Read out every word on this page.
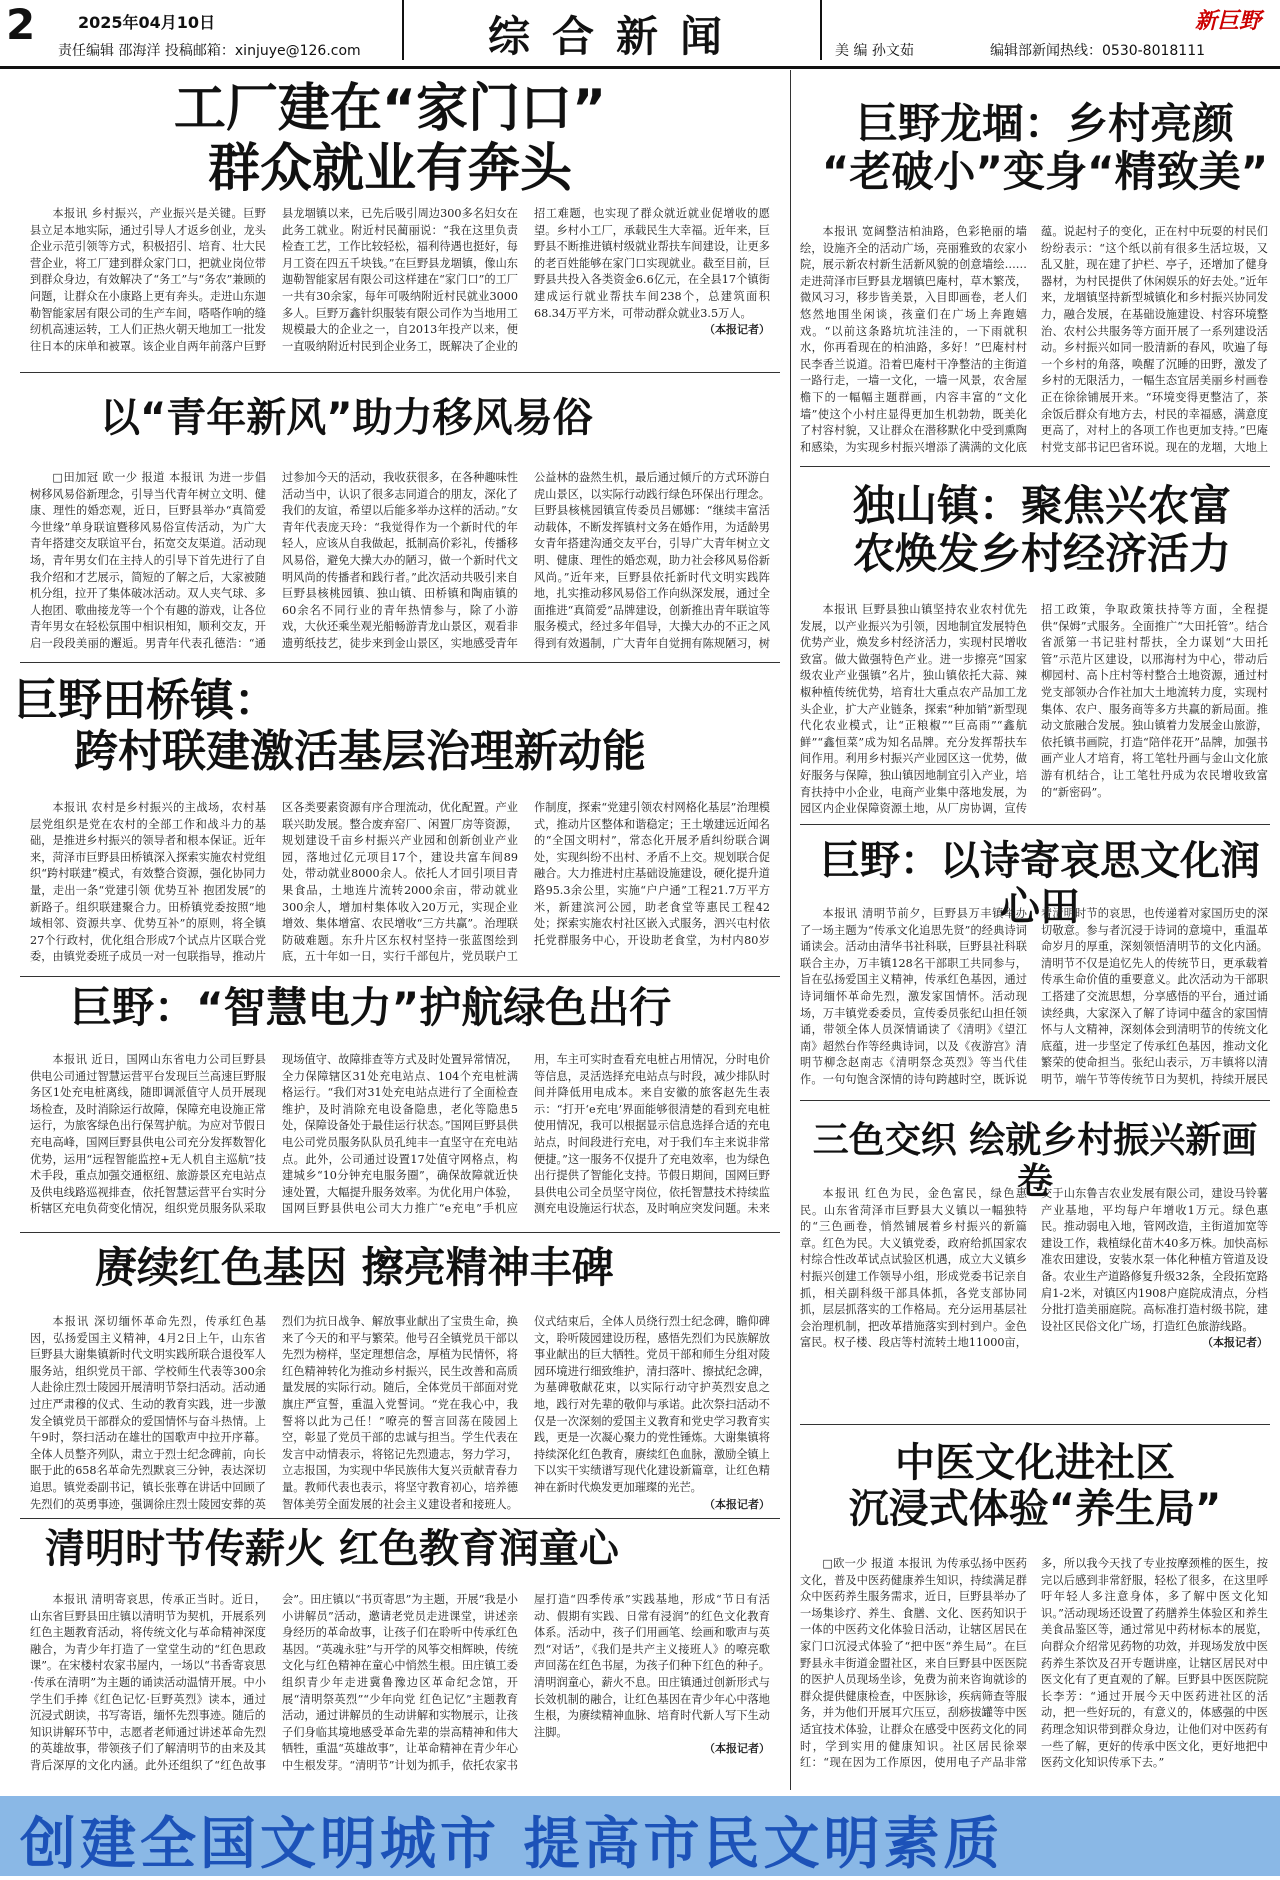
2	2025年04月10日
责任编辑 邵海洋 投稿邮箱：xinjuye@126.com	综合新闻	美 编 孙文茹	编辑部新闻热线：0530-8018111
新巨野
工厂建在“家门口”
群众就业有奔头

本报讯 乡村振兴，产业振兴是关键。巨野县立足本地实际，通过引导人才返乡创业，龙头企业示范引领等方式，积极招引、培育、壮大民营企业，将工厂建到群众家门口，把就业岗位带到群众身边，有效解决了“务工”与“务农”兼顾的问题，让群众在小康路上更有奔头。走进山东迦勒智能家居有限公司的生产车间，嗒嗒作响的缝纫机高速运转，工人们正热火朝天地加工一批发往日本的床单和被罩。该企业自两年前落户巨野县龙堌镇以来，已先后吸引周边300多名妇女在此务工就业。附近村民蔺丽说：“我在这里负责检查工艺，工作比较轻松，福利待遇也挺好，每月工资在四五千块钱。”在巨野县龙堌镇，像山东迦勒智能家居有限公司这样建在“家门口”的工厂一共有30余家，每年可吸纳附近村民就业3000多人。巨野万鑫针织服装有限公司作为当地用工规模最大的企业之一，自2013年投产以来，便一直吸纳附近村民到企业务工，既解决了企业的招工难题，也实现了群众就近就业促增收的愿望。乡村小工厂，承载民生大幸福。近年来，巨野县不断推进镇村级就业帮扶车间建设，让更多的老百姓能够在家门口实现就业。截至目前，巨野县共投入各类资金6.6亿元，在全县17个镇街建成运行就业帮扶车间238个，总建筑面积68.34万平方米，可带动群众就业3.5万人。

（本报记者）
以“青年新风”助力移风易俗

□田加冠 欧一少 报道 本报讯 为进一步倡树移风易俗新理念，引导当代青年树立文明、健康、理性的婚恋观，近日，巨野县举办“真简爱 今世缘”单身联谊暨移风易俗宣传活动，为广大青年搭建交友联谊平台，拓宽交友渠道。活动现场，青年男女们在主持人的引导下首先进行了自我介绍和才艺展示，简短的了解之后，大家被随机分组，拉开了集体破冰活动。双人夹气球、多人抱团、歌曲接龙等一个个有趣的游戏，让各位青年男女在轻松氛围中相识相知，顺利交友，开启一段段美丽的邂逅。男青年代表孔德浩：“通过参加今天的活动，我收获很多，在各种趣味性活动当中，认识了很多志同道合的朋友，深化了我们的友谊，希望以后能多举办这样的活动。”女青年代表庞天玲：“我觉得作为一个新时代的年轻人，应该从自我做起，抵制高价彩礼，传播移风易俗，避免大操大办的陋习，做一个新时代文明风尚的传播者和践行者。”此次活动共吸引来自巨野县核桃园镇、独山镇、田桥镇和陶庙镇的60余名不同行业的青年热情参与，除了小游戏，大伙还乘坐观光船畅游青龙山景区，观看非遗剪纸技艺，徒步来到金山景区，实地感受青年公益林的盎然生机，最后通过倾斤的方式环游白虎山景区，以实际行动践行绿色环保出行理念。巨野县核桃园镇宣传委员吕娜娜：“继续丰富活动载体，不断发挥镇村文务在婚作用，为适龄男女青年搭建沟通交友平台，引导广大青年树立文明、健康、理性的婚恋观，助力社会移风易俗新风尚。”近年来，巨野县依托新时代文明实践阵地，扎实推动移风易俗工作向纵深发展，通过全面推进“真简爱”品牌建设，创新推出青年联谊等服务模式，经过多年倡导，大操大办的不正之风得到有效遏制，广大青年自觉拥有陈规陋习，树

巨野田桥镇：
跨村联建激活基层治理新动能

本报讯 农村是乡村振兴的主战场，农村基层党组织是党在农村的全部工作和战斗力的基础，是推进乡村振兴的领导者和根本保证。近年来，菏泽市巨野县田桥镇深入探索实施农村党组织“跨村联建”模式，有效整合资源，强化协同力量，走出一条“党建引领 优势互补 抱团发展”的新路子。组织联建聚合力。田桥镇党委按照“地域相邻、资源共享、优势互补”的原则，将全镇27个行政村，优化组合形成7个试点片区联合党委，由镇党委班子成员一对一包联指导，推动片区各类要素资源有序合理流动，优化配置。产业联兴助发展。整合废弃窑厂、闲置厂房等资源，规划建设千亩乡村振兴产业园和创新创业产业园，落地过亿元项目17个，建设共富车间89处，带动就业8000余人。依托人才回引项目青果食品，土地连片流转2000余亩，带动就业300余人，增加村集体收入20万元，实现企业增效、集体增富、农民增收“三方共赢”。治理联防破难题。东升片区东权村坚持一张蓝图绘到底，五十年如一日，实行千部包片，党员联户工作制度，探索“党建引领农村网格化基层”治理模式，推动片区整体和谐稳定；王土墩建远近闻名的“全国文明村”，常态化开展矛盾纠纷联合调处，实现纠纷不出村、矛盾不上交。规划联合促融合。大力推进村庄基础设施建设，硬化提升道路95.3余公里，实施“户户通”工程21.7万平方米，新建滨河公园，助老食堂等惠民工程42处；探索实施农村社区嵌入式服务，泗兴屯村依托党群服务中心，开设助老食堂，为村内80岁

巨野：“智慧电力”护航绿色出行

本报讯 近日，国网山东省电力公司巨野县供电公司通过智慧运营平台发现巨兰高速巨野服务区1处充电桩离线，随即调派值守人员开展现场检查，及时消除运行故障，保障充电设施正常运行，为旅客绿色出行保驾护航。为应对节假日充电高峰，国网巨野县供电公司充分发挥数智化优势，运用“远程智能监控+无人机自主巡航”技术手段，重点加强交通枢纽、旅游景区充电站点及供电线路巡视排查，依托智慧运营平台实时分析辖区充电负荷变化情况，组织党员服务队采取现场值守、故障排查等方式及时处置异常情况，全力保障辖区31处充电站点、104个充电桩满格运行。“我们对31处充电站点进行了全面检查维护，及时消除充电设备隐患，老化等隐患5处，保障设备处于最佳运行状态。”国网巨野县供电公司党员服务队队员孔纯丰一直坚守在充电站点。此外，公司通过设置17处值守网格点，构建城乡“10分钟充电服务圈”，确保故障就近快速处置，大幅提升服务效率。为优化用户体验，国网巨野县供电公司大力推广“e充电”手机应用，车主可实时查看充电桩占用情况，分时电价等信息，灵活选择充电站点与时段，减少排队时间并降低用电成本。来自安徽的旅客赵先生表示：“打开‘e充电’界面能够很清楚的看到充电桩使用情况，我可以根据显示信息选择合适的充电站点，时间段进行充电，对于我们车主来说非常便捷。”这一服务不仅提升了充电效率，也为绿色出行提供了智能化支持。节假日期间，国网巨野县供电公司全员坚守岗位，依托智慧技术持续监测充电设施运行状态，及时响应突发问题。未来

赓续红色基因 擦亮精神丰碑

本报讯 深切缅怀革命先烈，传承红色基因，弘扬爱国主义精神，4月2日上午，山东省巨野县大谢集镇新时代文明实践所联合退役军人服务站，组织党员干部、学校师生代表等300余人赴徐庄烈士陵园开展清明节祭扫活动。活动通过庄严肃穆的仪式、生动的教育实践，进一步激发全镇党员干部群众的爱国情怀与奋斗热情。上午9时，祭扫活动在雄壮的国歌声中拉开序幕。全体人员整齐列队，肃立于烈士纪念碑前，向长眠于此的658名革命先烈默哀三分钟，表达深切追思。镇党委副书记，镇长张尊在讲话中回顾了先烈们的英勇事迹，强调徐庄烈士陵园安葬的英烈们为抗日战争、解放事业献出了宝贵生命，换来了今天的和平与繁荣。他号召全镇党员干部以先烈为榜样，坚定理想信念，厚植为民情怀，将红色精神转化为推动乡村振兴，民生改善和高质量发展的实际行动。随后，全体党员干部面对党旗庄严宣誓，重温入党誓词。“党在我心中，我誓将以此为己任！”嘹亮的誓言回荡在陵园上空，彰显了党员干部的忠诚与担当。学生代表在发言中动情表示，将铭记先烈遗志，努力学习，立志报国，为实现中华民族伟大复兴贡献青春力量。教师代表也表示，将坚守教育初心，培养德智体美劳全面发展的社会主义建设者和接班人。仪式结束后，全体人员绕行烈士纪念碑，瞻仰碑文，聆听陵园建设历程，感悟先烈们为民族解放事业献出的巨大牺牲。党员干部和师生分组对陵园环境进行细致维护，清扫落叶、擦拭纪念碑，为墓碑敬献花束，以实际行动守护英烈安息之地，践行对先辈的敬仰与承诺。此次祭扫活动不仅是一次深刻的爱国主义教育和党史学习教育实践，更是一次凝心聚力的党性锤炼。大谢集镇将持续深化红色教育，赓续红色血脉，激励全镇上下以实干实绩谱写现代化建设新篇章，让红色精神在新时代焕发更加璀璨的光芒。

（本报记者）
清明时节传薪火 红色教育润童心

本报讯 清明寄哀思，传承正当时。近日，山东省巨野县田庄镇以清明节为契机，开展系列红色主题教育活动，将传统文化与革命精神深度融合，为青少年打造了一堂堂生动的“红色思政课”。在宋楼村农家书屋内，一场以“书香寄哀思·传承在清明”为主题的诵读活动温情开展。中小学生们手捧《红色记忆·巨野英烈》读本，通过沉浸式朗读，书写寄语，缅怀先烈事迹。随后的知识讲解环节中，志愿者老师通过讲述革命先烈的英雄故事，带领孩子们了解清明节的由来及其背后深厚的文化内涵。此外还组织了“红色故事会”。田庄镇以“书页寄思”为主题，开展“我是小小讲解员”活动，邀请老党员走进课堂，讲述亲身经历的革命故事，让孩子们在聆听中传承红色基因。“英魂永驻”与开学的风筝交相辉映，传统文化与红色精神在童心中悄然生根。田庄镇工委组织青少年走进冀鲁豫边区革命纪念馆，开展“清明祭英烈”“少年向党 红色记忆”主题教育活动，通过讲解员的生动讲解和实物展示，让孩子们身临其境地感受革命先辈的崇高精神和伟大牺牲，重温“英雄故事”，让革命精神在青少年心中生根发芽。“清明节”计划为抓手，依托农家书屋打造“四季传承”实践基地，形成“节日有活动、假期有实践、日常有浸润”的红色文化教育体系。活动中，孩子们用画笔、绘画和歌声与英烈“对话”，《我们是共产主义接班人》的嘹亮歌声回荡在红色书屋，为孩子们种下红色的种子。清明润童心，薪火不息。田庄镇通过创新形式与长效机制的融合，让红色基因在青少年心中落地生根，为赓续精神血脉、培育时代新人写下生动注脚。

（本报记者）
巨野龙堌：乡村亮颜
“老破小”变身“精致美”

本报讯 宽阔整洁柏油路，色彩艳丽的墙绘，设施齐全的活动广场，亮丽雅致的农家小院，展示新农村新生活新风貌的创意墙绘……走进菏泽市巨野县龙堌镇巴庵村，草木繁茂，微风习习，移步皆美景，入目即画卷，老人们悠然地围坐闲谈，孩童们在广场上奔跑嬉戏。“以前这条路坑坑洼洼的，一下雨就积水，你再看现在的柏油路，多好！”巴庵村村民李香兰说道。沿着巴庵村干净整洁的主街道一路行走，一墙一文化，一墙一风景，农舍屋檐下的一幅幅主题群画，内容丰富的“文化墙”使这个小村庄显得更加生机勃勃，既美化了村容村貌，又让群众在潜移默化中受到熏陶和感染，为实现乡村振兴增添了满满的文化底蕴。说起村子的变化，正在村中玩耍的村民们纷纷表示：“这个纸以前有很多生活垃圾，又乱又脏，现在建了护栏、亭子，还增加了健身器材，为村民提供了休闲娱乐的好去处。”近年来，龙堌镇坚持新型城镇化和乡村振兴协同发力，融合发展，在基础设施建设、村容环境整治、农村公共服务等方面开展了一系列建设活动。乡村振兴如同一股清新的春风，吹遍了每一个乡村的角落，唤醒了沉睡的田野，激发了乡村的无限活力，一幅生态宜居美丽乡村画卷正在徐徐铺展开来。“环境变得更整洁了，茶余饭后群众有地方去，村民的幸福感，满意度更高了，对村上的各项工作也更加支持。”巴庵村党支部书记巴省环说。现在的龙堌，大地上

独山镇：聚焦兴农富
农焕发乡村经济活力

本报讯 巨野县独山镇坚持农业农村优先发展，以产业振兴为引领，因地制宜发展特色优势产业，焕发乡村经济活力，实现村民增收致富。做大做强特色产业。进一步擦亮“国家级农业产业强镇”名片，独山镇依托大蒜、辣椒种植传统优势，培育壮大重点农产品加工龙头企业，扩大产业链条，探索“种加销”新型现代化农业模式，让“正粮椒”“巨高雨”“鑫航鲜”“鑫恒菜”成为知名品牌。充分发挥帮扶车间作用。利用乡村振兴产业园区这一优势，做好服务与保障，独山镇因地制宜引入产业，培育扶持中小企业，电商产业集中落地发展，为园区内企业保障资源土地，从厂房协调，宣传招工政策，争取政策扶持等方面，全程提供“保姆”式服务。全面推广“大田托管”。结合省派第一书记驻村帮扶，全力谋划“大田托管”示范片区建设，以邢海村为中心，带动后柳园村、高卜庄村等村整合土地资源，通过村党支部领办合作社加大土地流转力度，实现村集体、农户、服务商等多方共赢的新局面。推动文旅融合发展。独山镇着力发展金山旅游，依托镇书画院，打造“陪伴花开”品牌，加强书画产业人才培育，将工笔牡丹画与金山文化旅游有机结合，让工笔牡丹成为农民增收致富的“新密码”。

巨野：以诗寄哀思文化润心田

本报讯 清明节前夕，巨野县万丰镇举办了一场主题为“传承文化追思先贤”的经典诗词诵读会。活动由清华书社科联，巨野县社科联联合主办，万丰镇128名干部职工共同参与，旨在弘扬爱国主义精神，传承红色基因，通过诗词缅怀革命先烈，激发家国情怀。活动现场，万丰镇党委委员，宣传委员张纪山担任领诵，带领全体人员深情诵读了《清明》《望江南》超然台作等经典诗词，以及《夜游宫》清明节柳念赵南志《清明祭念英烈》等当代佳作。一句句饱含深情的诗句跨越时空，既诉说着清明时节的哀思，也传递着对家国历史的深切敬意。参与者沉浸于诗词的意境中，重温革命岁月的厚重，深刻领悟清明节的文化内涵。清明节不仅是追忆先人的传统节日，更承载着传承生命价值的重要意义。此次活动为干部职工搭建了交流思想，分享感悟的平台，通过诵读经典，大家深入了解了诗词中蕴含的家国情怀与人文精神，深刻体会到清明节的传统文化底蕴，进一步坚定了传承红色基因，推动文化繁荣的使命担当。张纪山表示，万丰镇将以清明节，端午节等传统节日为契机，持续开展民

三色交织 绘就乡村振兴新画卷

本报讯 红色为民，金色富民，绿色惠民。山东省菏泽市巨野县大义镇以一幅独特的“三色画卷，悄然铺展着乡村振兴的新篇章。红色为民。大义镇党委，政府给抓国家农村综合性改革试点试验区机遇，成立大义镇乡村振兴创建工作领导小组，形成党委书记亲自抓，相关副科级干部具体抓，各党支部协同抓，层层抓落实的工作格局。充分运用基层社会治理机制，把改革措施落实到村到户。金色富民。权子楼、段店等村流转土地11000亩，交于山东鲁吉农业发展有限公司，建设马铃薯产业基地，平均每户年增收1万元。绿色惠民。推动弱电入地，管网改造，主街道加宽等建设工作，栽植绿化苗木40多万株。加快高标准农田建设，安装水泵一体化种植方管道及设备。农业生产道路修复升级32条，全段拓宽路肩1-2米，对镇区内1908户庭院成清点，分档分批打造美丽庭院。高标准打造村级书院，建设社区民俗文化广场，打造红色旅游线路。

（本报记者）
中医文化进社区
沉浸式体验“养生局”

□欧一少 报道 本报讯 为传承弘扬中医药文化，普及中医药健康养生知识，持续满足群众中医药养生服务需求，近日，巨野县举办了一场集诊疗、养生、食膳、文化、医药知识于一体的中医药文化体验日活动，让辖区居民在家门口沉浸式体验了“把中医“养生局”。在巨野县永丰街道金盟社区，来自巨野县中医医院的医护人员现场坐诊，免费为前来咨询就诊的群众提供健康检查，中医脉诊，疾病筛查等服务，并为他们开展耳穴压豆，刮痧拔罐等中医适宜技术体验，让群众在感受中医药文化的同时，学到实用的健康知识。社区居民徐翠红：“现在因为工作原因，使用电子产品非常多，所以我今天找了专业按摩颈椎的医生，按完以后感到非常舒服，轻松了很多，在这里呼吁年轻人多注意身体，多了解中医文化知识。”活动现场还设置了药膳养生体验区和养生美食品鉴区等，通过常见中药材标本的展览，向群众介绍常见药物的功效，并现场发放中医药养生茶饮及召开专题讲座，让辖区居民对中医文化有了更直观的了解。巨野县中医医院院长李芳：“通过开展今天中医药进社区的活动，把一些好玩的，有意义的，体感强的中医药理念知识带到群众身边，让他们对中医药有一些了解，更好的传承中医文化，更好地把中医药文化知识传承下去。”

创建全国文明城市 提高市民文明素质
